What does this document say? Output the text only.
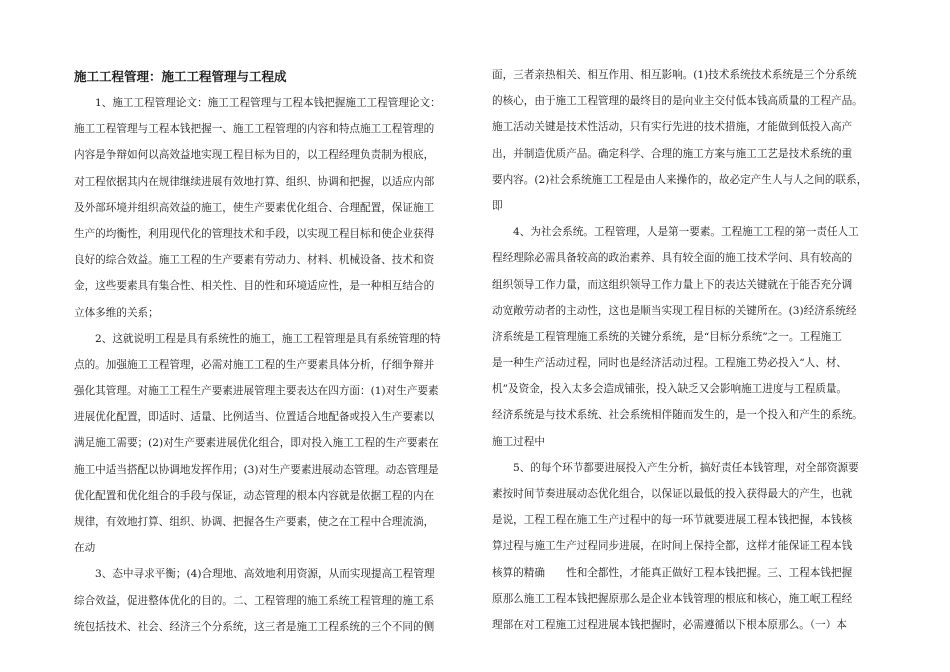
施工工程管理：施工工程管理与工程成
1、施工工程管理论文：施工工程管理与工程本钱把握施工工程管理论文：
施工工程管理与工程本钱把握一、施工工程管理的内容和特点施工工程管理的
内容是争辩如何以高效益地实现工程目标为目的，以工程经理负责制为根底，
对工程依据其内在规律继续进展有效地打算、组织、协调和把握，以适应内部
及外部环境并组织高效益的施工，使生产要素优化组合、合理配置，保证施工
生产的均衡性，利用现代化的管理技术和手段，以实现工程目标和使企业获得
良好的综合效益。施工工程的生产要素有劳动力、材料、机械设备、技术和资
金，这些要素具有集合性、相关性、目的性和环境适应性，是一种相互结合的
立体多维的关系；
2、这就说明工程是具有系统性的施工，施工工程管理是具有系统管理的特
点的。加强施工工程管理，必需对施工工程的生产要素具体分析，仔细争辩并
强化其管理。对施工工程生产要素进展管理主要表达在四方面：(1)对生产要素
进展优化配置，即适时、适量、比例适当、位置适合地配备或投入生产要素以
满足施工需要；(2)对生产要素进展优化组合，即对投入施工工程的生产要素在
施工中适当搭配以协调地发挥作用；(3)对生产要素进展动态管理。动态管理是
优化配置和优化组合的手段与保证，动态管理的根本内容就是依据工程的内在
规律，有效地打算、组织、协调、把握各生产要素，使之在工程中合理流淌，
在动
3、态中寻求平衡；(4)合理地、高效地利用资源，从而实现提高工程管理
综合效益，促进整体优化的目的。二、工程管理的施工系统工程管理的施工系
统包括技术、社会、经济三个分系统，这三者是施工工程系统的三个不同的侧
面，三者亲热相关、相互作用、相互影响。(1)技术系统技术系统是三个分系统
的核心，由于施工工程管理的最终目的是向业主交付低本钱高质量的工程产品。
施工活动关键是技术性活动，只有实行先进的技术措施，才能做到低投入高产
出，并制造优质产品。确定科学、合理的施工方案与施工工艺是技术系统的重
要内容。(2)社会系统施工工程是由人来操作的，故必定产生人与人之间的联系，
即
4、为社会系统。工程管理，人是第一要素。工程施工工程的第一责任人工
程经理除必需具备较高的政治素养、具有较全面的施工技术学问、具有较高的
组织领导工作力量，而这组织领导工作力量上下的表达关键就在于能否充分调
动宽敞劳动者的主动性，这也是顺当实现工程目标的关键所在。(3)经济系统经
济系统是工程管理施工系统的关键分系统，是“目标分系统”之一。工程施工
是一种生产活动过程，同时也是经济活动过程。工程施工势必投入“人、材、
机”及资金，投入太多会造成铺张，投入缺乏又会影响施工进度与工程质量。
经济系统是与技术系统、社会系统相伴随而发生的，是一个投入和产生的系统。
施工过程中
5、的每个环节都要进展投入产生分析，搞好责任本钱管理，对全部资源要
素按时间节奏进展动态优化组合，以保证以最低的投入获得最大的产生，也就
是说，工程工程在施工生产过程中的每一环节就要进展工程本钱把握，本钱核
算过程与施工生产过程同步进展，在时间上保持全都，这样才能保证工程本钱
核算的精确　　性和全都性，才能真正做好工程本钱把握。三、工程本钱把握
原那么施工工程本钱把握原那么是企业本钱管理的根底和核心，施工岷工程经
理部在对工程施工过程进展本钱把握时，必需遵循以下根本原那么。（一）本
